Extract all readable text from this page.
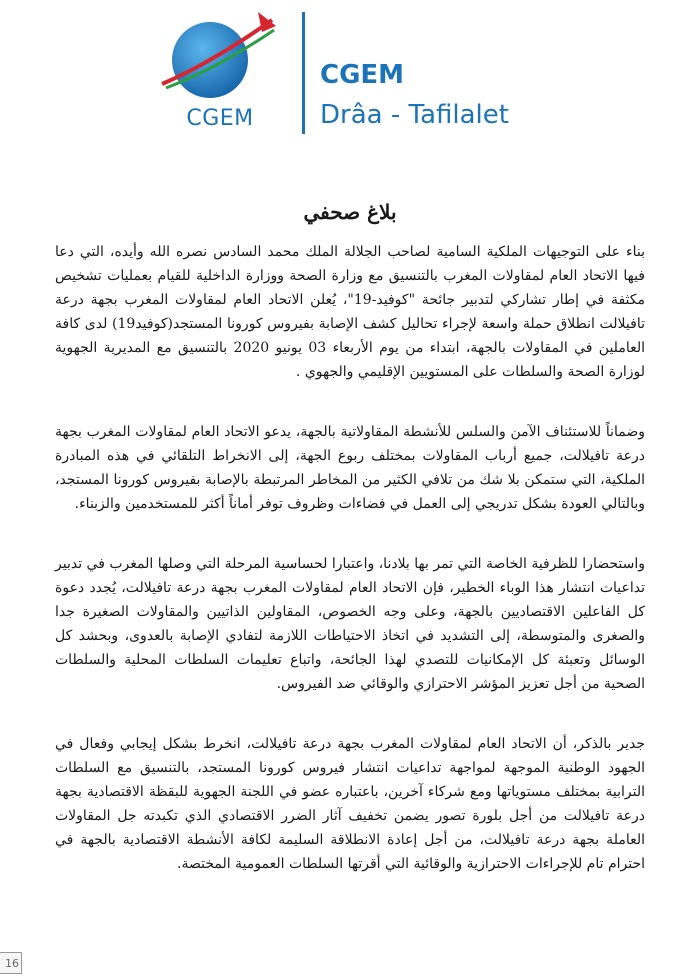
CGEM
CGEM
Drâa - Tafilalet
بلاغ صحفي

بناء على التوجيهات الملكية السامية لصاحب الجلالة الملك محمد السادس نصره الله وأيده، التي دعا فيها الاتحاد العام لمقاولات المغرب بالتنسيق مع وزارة الصحة ووزارة الداخلية للقيام بعمليات تشخيص مكثفة في إطار تشاركي لتدبير جائحة "كوفيد-19"، يُعلن الاتحاد العام لمقاولات المغرب بجهة درعة تافيلالت انطلاق حملة واسعة لإجراء تحاليل كشف الإصابة بفيروس كورونا المستجد(كوفيد19) لدى كافة العاملين في المقاولات بالجهة، ابتداء من يوم الأربعاء 03 يونيو 2020 بالتنسيق مع المديرية الجهوية لوزارة الصحة والسلطات على المستويين الإقليمي والجهوي .

وضماناً للاستئناف الآمن والسلس للأنشطة المقاولاتية بالجهة، يدعو الاتحاد العام لمقاولات المغرب بجهة درعة تافيلالت، جميع أرباب المقاولات بمختلف ربوع الجهة، إلى الانخراط التلقائي في هذه المبادرة الملكية، التي ستمكن بلا شك من تلافي الكثير من المخاطر المرتبطة بالإصابة بفيروس كورونا المستجد، وبالتالي العودة بشكل تدريجي إلى العمل في فضاءات وظروف توفر أماناً أكثر للمستخدمين والزبناء.

واستحضارا للظرفية الخاصة التي تمر بها بلادنا، واعتبارا لحساسية المرحلة التي وصلها المغرب في تدبير تداعيات انتشار هذا الوباء الخطير، فإن الاتحاد العام لمقاولات المغرب بجهة درعة تافيلالت، يُجدد دعوة كل الفاعلين الاقتصاديين بالجهة، وعلى وجه الخصوص، المقاولين الذاتيين والمقاولات الصغيرة جدا والصغرى والمتوسطة، إلى التشديد في اتخاذ الاحتياطات اللازمة لتفادي الإصابة بالعدوى، وبحشد كل الوسائل وتعبئة كل الإمكانيات للتصدي لهذا الجائحة، واتباع تعليمات السلطات المحلية والسلطات الصحية من أجل تعزيز المؤشر الاحترازي والوقائي ضد الفيروس.

جدير بالذكر، أن الاتحاد العام لمقاولات المغرب بجهة درعة تافيلالت، انخرط بشكل إيجابي وفعال في الجهود الوطنية الموجهة لمواجهة تداعيات انتشار فيروس كورونا المستجد، بالتنسيق مع السلطات الترابية بمختلف مستوياتها ومع شركاء آخرين، باعتباره عضو في اللجنة الجهوية للبقظة الاقتصادية بجهة درعة تافيلالت من أجل بلورة تصور يضمن تخفيف آثار الضرر الاقتصادي الذي تكبدته جل المقاولات العاملة بجهة درعة تافيلالت، من أجل إعادة الانطلاقة السليمة لكافة الأنشطة الاقتصادية بالجهة في احترام تام للإجراءات الاحترازية والوقائية التي أقرتها السلطات العمومية المختصة.

16
